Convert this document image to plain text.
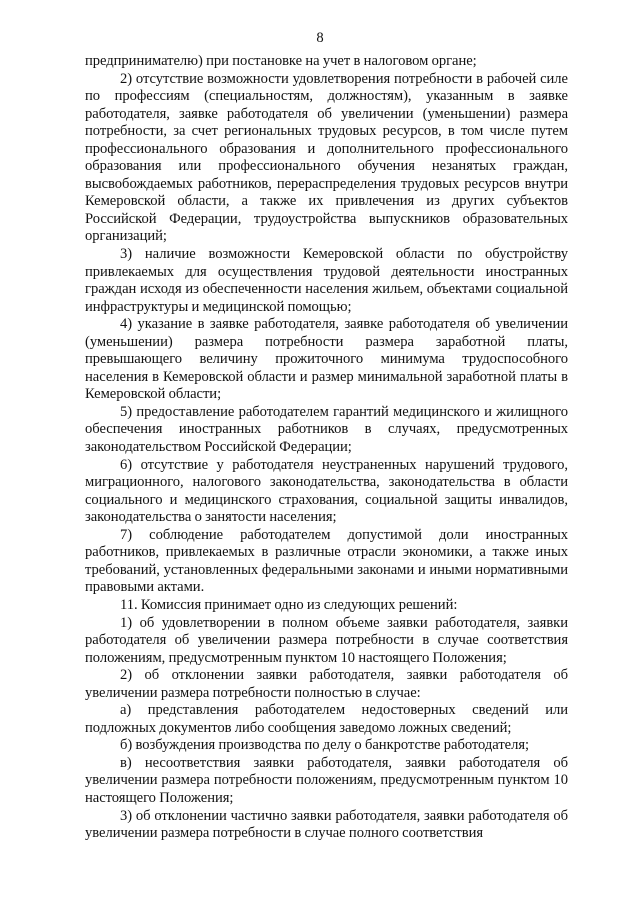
8

предпринимателю) при постановке на учет в налоговом органе;

2) отсутствие возможности удовлетворения потребности в рабочей силе по профессиям (специальностям, должностям), указанным в заявке работодателя, заявке работодателя об увеличении (уменьшении) размера потребности, за счет региональных трудовых ресурсов, в том числе путем профессионального образования и дополнительного профессионального образования или профессионального обучения незанятых граждан, высвобождаемых работников, перераспределения трудовых ресурсов внутри Кемеровской области, а также их привлечения из других субъектов Российской Федерации, трудоустройства выпускников образовательных организаций;

3) наличие возможности Кемеровской области по обустройству привлекаемых для осуществления трудовой деятельности иностранных граждан исходя из обеспеченности населения жильем, объектами социальной инфраструктуры и медицинской помощью;

4) указание в заявке работодателя, заявке работодателя об увеличении (уменьшении) размера потребности размера заработной платы, превышающего величину прожиточного минимума трудоспособного населения в Кемеровской области и размер минимальной заработной платы в Кемеровской области;

5) предоставление работодателем гарантий медицинского и жилищного обеспечения иностранных работников в случаях, предусмотренных законодательством Российской Федерации;

6) отсутствие у работодателя неустраненных нарушений трудового, миграционного, налогового законодательства, законодательства в области социального и медицинского страхования, социальной защиты инвалидов, законодательства о занятости населения;

7) соблюдение работодателем допустимой доли иностранных работников, привлекаемых в различные отрасли экономики, а также иных требований, установленных федеральными законами и иными нормативными правовыми актами.

11. Комиссия принимает одно из следующих решений:

1) об удовлетворении в полном объеме заявки работодателя, заявки работодателя об увеличении размера потребности в случае соответствия положениям, предусмотренным пунктом 10 настоящего Положения;

2) об отклонении заявки работодателя, заявки работодателя об увеличении размера потребности полностью в случае:

а) представления работодателем недостоверных сведений или подложных документов либо сообщения заведомо ложных сведений;

б) возбуждения производства по делу о банкротстве работодателя;

в) несоответствия заявки работодателя, заявки работодателя об увеличении размера потребности положениям, предусмотренным пунктом 10 настоящего Положения;

3) об отклонении частично заявки работодателя, заявки работодателя об увеличении размера потребности в случае полного соответствия
